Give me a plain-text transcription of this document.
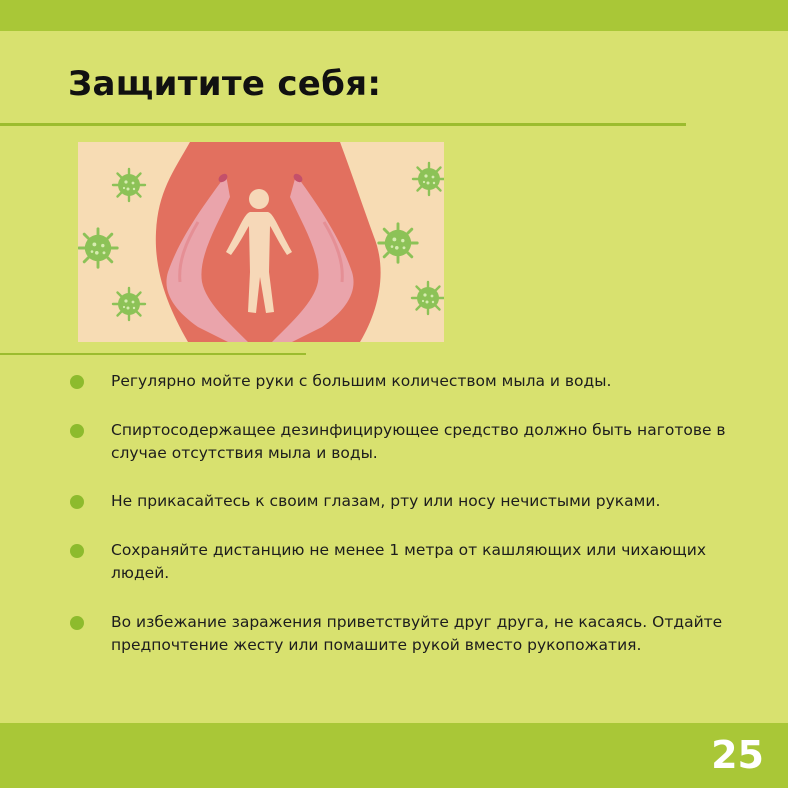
Защитите себя:
Регулярно мойте руки с большим количеством мыла и воды.
Спиртосодержащее дезинфицирующее средство должно быть наготове в случае отсутствия мыла и воды.
Не прикасайтесь к своим глазам, рту или носу нечистыми руками.
Сохраняйте дистанцию не менее 1 метра от кашляющих или чихающих людей.
Во избежание заражения приветствуйте друг друга, не касаясь. Отдайте предпочтение жесту или помашите рукой вместо рукопожатия.
25
